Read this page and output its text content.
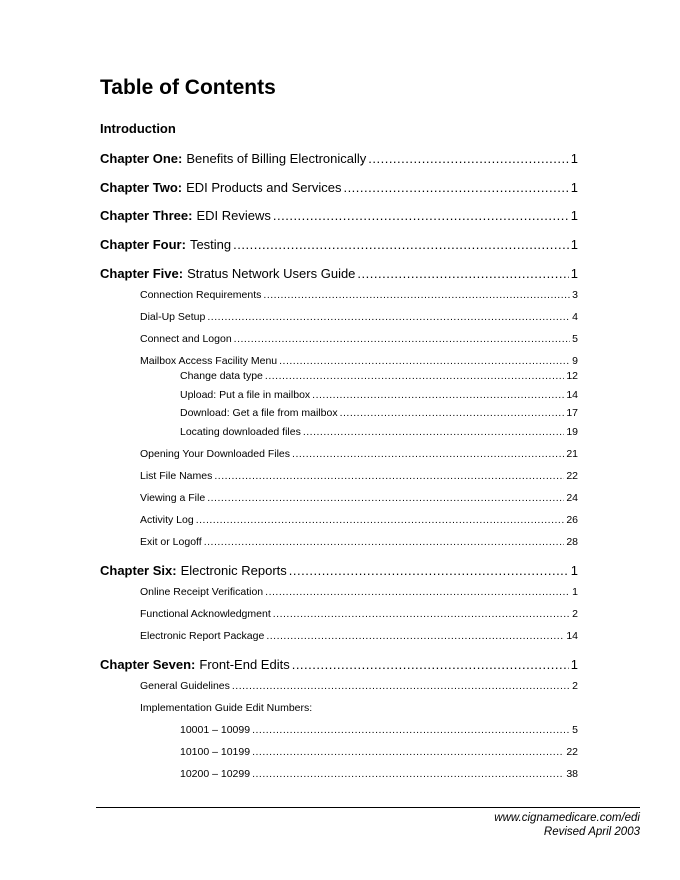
Table of Contents
Introduction
Chapter One: Benefits of Billing Electronically .....	1
Chapter Two: EDI Products and Services .....	1
Chapter Three: EDI Reviews .....	1
Chapter Four: Testing .....	1
Chapter Five: Stratus Network Users Guide .....	1
Connection Requirements .....	3
Dial-Up Setup .....	4
Connect and Logon .....	5
Mailbox Access Facility Menu .....	9
Change data type .....	12
Upload: Put a file in mailbox .....	14
Download: Get a file from mailbox .....	17
Locating downloaded files .....	19
Opening Your Downloaded Files .....	21
List File Names .....	22
Viewing a File .....	24
Activity Log .....	26
Exit or Logoff .....	28
Chapter Six: Electronic Reports .....	1
Online Receipt Verification .....	1
Functional Acknowledgment .....	2
Electronic Report Package .....	14
Chapter Seven: Front-End Edits .....	1
General Guidelines .....	2
Implementation Guide Edit Numbers:
10001 – 10099 .....	5
10100 – 10199 .....	22
10200 – 10299 .....	38
www.cignamedicare.com/edi
Revised April 2003
